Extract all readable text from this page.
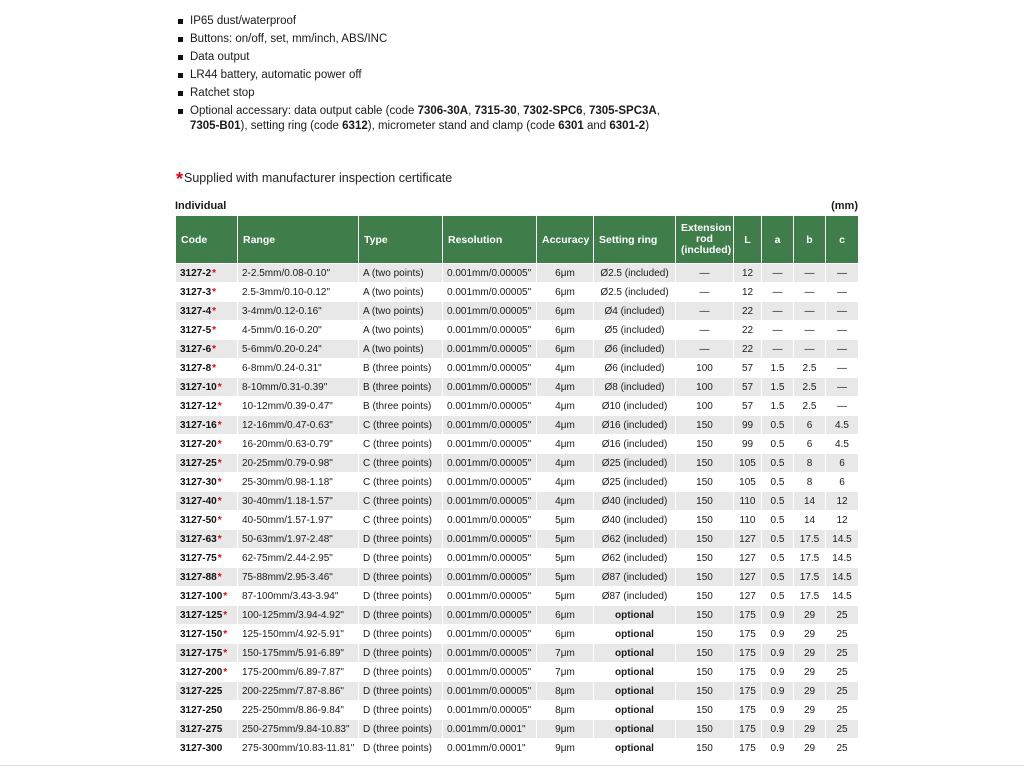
IP65 dust/waterproof
Buttons: on/off, set, mm/inch, ABS/INC
Data output
LR44 battery, automatic power off
Ratchet stop
Optional accessary: data output cable (code 7306-30A, 7315-30, 7302-SPC6, 7305-SPC3A, 7305-B01), setting ring (code 6312), micrometer stand and clamp (code 6301 and 6301-2)
*Supplied with manufacturer inspection certificate
Individual	(mm)
Code	Range	Type	Resolution	Accuracy	Setting ring	Extension rod (included)	L	a	b	c
3127-2*	2-2.5mm/0.08-0.10"	A (two points)	0.001mm/0.00005"	6μm	Ø2.5 (included)	—	12	—	—	—
3127-3*	2.5-3mm/0.10-0.12"	A (two points)	0.001mm/0.00005"	6μm	Ø2.5 (included)	—	12	—	—	—
3127-4*	3-4mm/0.12-0.16"	A (two points)	0.001mm/0.00005"	6μm	Ø4 (included)	—	22	—	—	—
3127-5*	4-5mm/0.16-0.20"	A (two points)	0.001mm/0.00005"	6μm	Ø5 (included)	—	22	—	—	—
3127-6*	5-6mm/0.20-0.24"	A (two points)	0.001mm/0.00005"	6μm	Ø6 (included)	—	22	—	—	—
3127-8*	6-8mm/0.24-0.31"	B (three points)	0.001mm/0.00005"	4μm	Ø6 (included)	100	57	1.5	2.5	—
3127-10*	8-10mm/0.31-0.39"	B (three points)	0.001mm/0.00005"	4μm	Ø8 (included)	100	57	1.5	2.5	—
3127-12*	10-12mm/0.39-0.47"	B (three points)	0.001mm/0.00005"	4μm	Ø10 (included)	100	57	1.5	2.5	—
3127-16*	12-16mm/0.47-0.63"	C (three points)	0.001mm/0.00005"	4μm	Ø16 (included)	150	99	0.5	6	4.5
3127-20*	16-20mm/0.63-0.79"	C (three points)	0.001mm/0.00005"	4μm	Ø16 (included)	150	99	0.5	6	4.5
3127-25*	20-25mm/0.79-0.98"	C (three points)	0.001mm/0.00005"	4μm	Ø25 (included)	150	105	0.5	8	6
3127-30*	25-30mm/0.98-1.18"	C (three points)	0.001mm/0.00005"	4μm	Ø25 (included)	150	105	0.5	8	6
3127-40*	30-40mm/1.18-1.57"	C (three points)	0.001mm/0.00005"	4μm	Ø40 (included)	150	110	0.5	14	12
3127-50*	40-50mm/1.57-1.97"	C (three points)	0.001mm/0.00005"	5μm	Ø40 (included)	150	110	0.5	14	12
3127-63*	50-63mm/1.97-2.48"	D (three points)	0.001mm/0.00005"	5μm	Ø62 (included)	150	127	0.5	17.5	14.5
3127-75*	62-75mm/2.44-2.95"	D (three points)	0.001mm/0.00005"	5μm	Ø62 (included)	150	127	0.5	17.5	14.5
3127-88*	75-88mm/2.95-3.46"	D (three points)	0.001mm/0.00005"	5μm	Ø87 (included)	150	127	0.5	17.5	14.5
3127-100*	87-100mm/3.43-3.94"	D (three points)	0.001mm/0.00005"	5μm	Ø87 (included)	150	127	0.5	17.5	14.5
3127-125*	100-125mm/3.94-4.92"	D (three points)	0.001mm/0.00005"	6μm	optional	150	175	0.9	29	25
3127-150*	125-150mm/4.92-5.91"	D (three points)	0.001mm/0.00005"	6μm	optional	150	175	0.9	29	25
3127-175*	150-175mm/5.91-6.89"	D (three points)	0.001mm/0.00005"	7μm	optional	150	175	0.9	29	25
3127-200*	175-200mm/6.89-7.87"	D (three points)	0.001mm/0.00005"	7μm	optional	150	175	0.9	29	25
3127-225	200-225mm/7.87-8.86"	D (three points)	0.001mm/0.00005"	8μm	optional	150	175	0.9	29	25
3127-250	225-250mm/8.86-9.84"	D (three points)	0.001mm/0.00005"	8μm	optional	150	175	0.9	29	25
3127-275	250-275mm/9.84-10.83"	D (three points)	0.001mm/0.0001"	9μm	optional	150	175	0.9	29	25
3127-300	275-300mm/10.83-11.81"	D (three points)	0.001mm/0.0001"	9μm	optional	150	175	0.9	29	25
